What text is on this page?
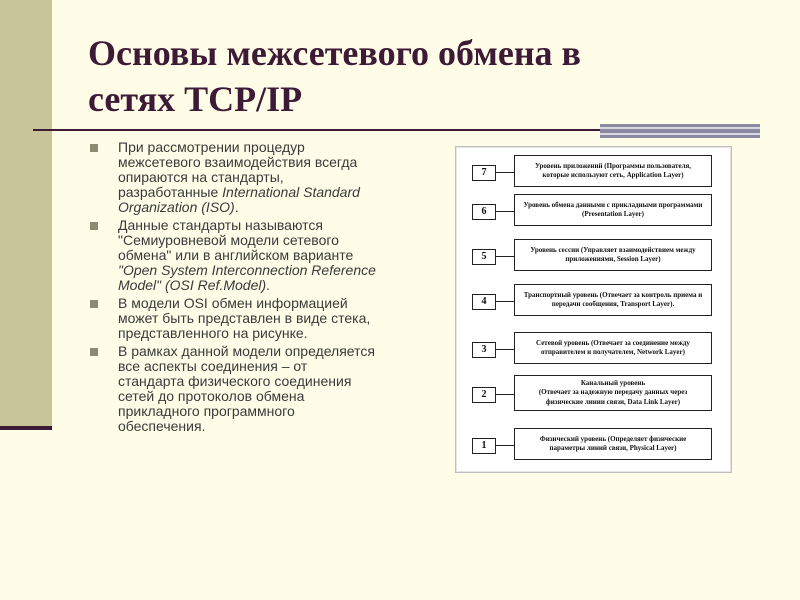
Основы межсетевого обмена в
сетях TCP/IP
При рассмотрении процедур
межсетевого взаимодействия всегда
опираются на стандарты,
разработанные International Standard
Organization (ISO).
Данные стандарты называются
"Семиуровневой модели сетевого
обмена" или в английском варианте
"Open System Interconnection Reference
Model" (OSI Ref.Model).
В модели OSI обмен информацией
может быть представлен в виде стека,
представленного на рисунке.
В рамках данной модели определяется
все аспекты соединения – от
стандарта физического соединения
сетей до протоколов обмена
прикладного программного
обеспечения.
7
Уровень приложений (Программы пользователя,
которые используют сеть, Application Layer)
6
Уровень обмена данными с прикладными программами
(Presentation Layer)
5
Уровень сессии (Управляет взаимодействием между
приложениями, Session Layer)
4
Транспортный уровень (Отвечает за контроль приема и
передачи сообщения, Transport Layer).
3
Сетевой уровень (Отвечает за соединение между
отправителем и получателем, Network Layer)
2
Канальный уровень
(Отвечает за надежную передачу данных через
физические линии связи, Data Link Layer)
1
Физический уровень (Определяет физические
параметры линий связи, Physical Layer)
